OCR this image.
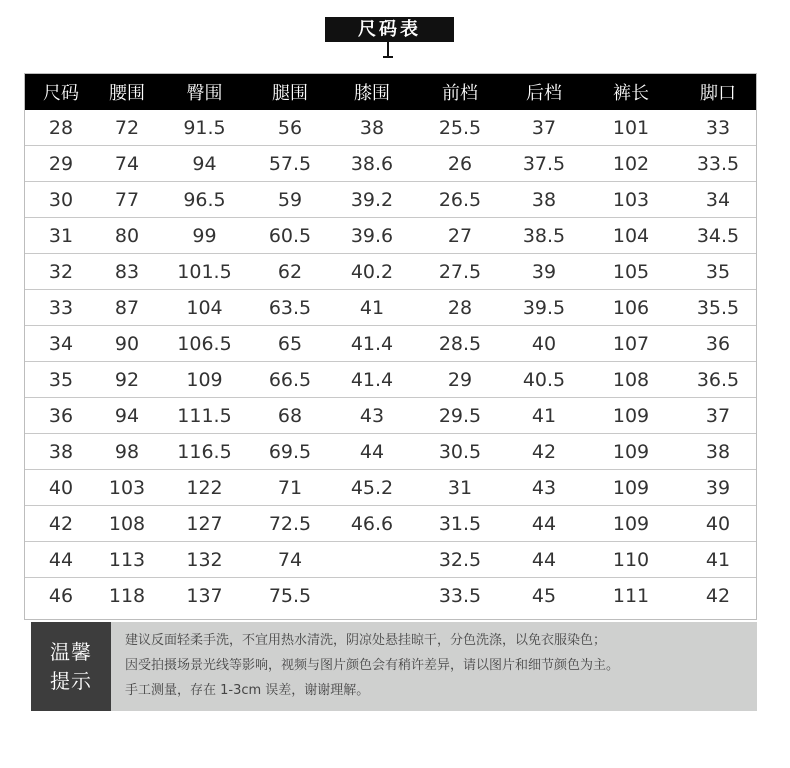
尺码表
尺码	腰围	臀围	腿围	膝围	前档	后档	裤长	脚口
28	72	91.5	56	38	25.5	37	101	33
29	74	94	57.5	38.6	26	37.5	102	33.5
30	77	96.5	59	39.2	26.5	38	103	34
31	80	99	60.5	39.6	27	38.5	104	34.5
32	83	101.5	62	40.2	27.5	39	105	35
33	87	104	63.5	41	28	39.5	106	35.5
34	90	106.5	65	41.4	28.5	40	107	36
35	92	109	66.5	41.4	29	40.5	108	36.5
36	94	111.5	68	43	29.5	41	109	37
38	98	116.5	69.5	44	30.5	42	109	38
40	103	122	71	45.2	31	43	109	39
42	108	127	72.5	46.6	31.5	44	109	40
44	113	132	74		32.5	44	110	41
46	118	137	75.5		33.5	45	111	42
温馨
提示
建议反面轻柔手洗，不宜用热水清洗，阴凉处悬挂晾干，分色洗涤，以免衣服染色；
因受拍摄场景光线等影响，视频与图片颜色会有稍许差异，请以图片和细节颜色为主。
手工测量，存在 1-3cm 误差，谢谢理解。
